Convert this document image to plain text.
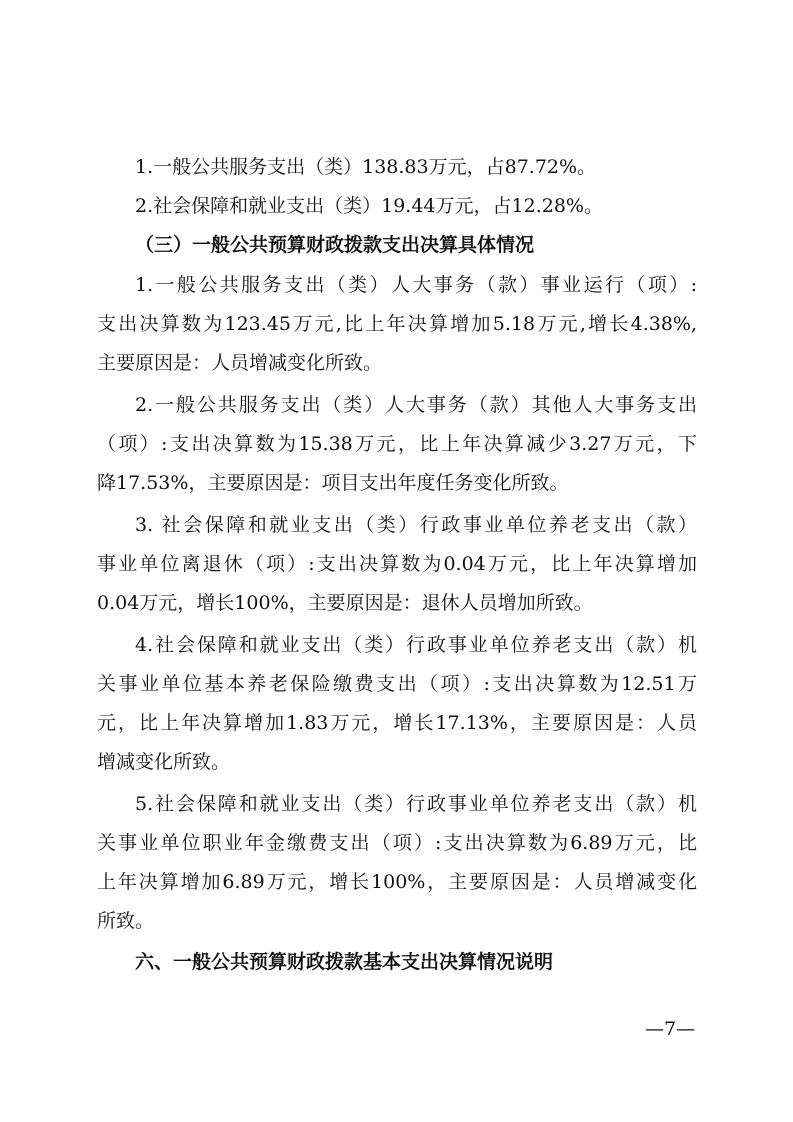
1.一般公共服务支出（类）138.83万元，占87.72%。
2.社会保障和就业支出（类）19.44万元，占12.28%。
（三）一般公共预算财政拨款支出决算具体情况
1.一般公共服务支出（类）人大事务（款）事业运行（项）:
支出决算数为123.45万元,比上年决算增加5.18万元,增长4.38%,
主要原因是：人员增减变化所致。
2.一般公共服务支出（类）人大事务（款）其他人大事务支出
（项）:支出决算数为15.38万元，比上年决算减少3.27万元，下
降17.53%，主要原因是：项目支出年度任务变化所致。
3. 社会保障和就业支出（类）行政事业单位养老支出（款）
事业单位离退休（项）:支出决算数为0.04万元，比上年决算增加
0.04万元，增长100%，主要原因是：退休人员增加所致。
4.社会保障和就业支出（类）行政事业单位养老支出（款）机
关事业单位基本养老保险缴费支出（项）:支出决算数为12.51万
元，比上年决算增加1.83万元，增长17.13%，主要原因是：人员
增减变化所致。
5.社会保障和就业支出（类）行政事业单位养老支出（款）机
关事业单位职业年金缴费支出（项）:支出决算数为6.89万元，比
上年决算增加6.89万元，增长100%，主要原因是：人员增减变化
所致。
六、一般公共预算财政拨款基本支出决算情况说明
—7—
